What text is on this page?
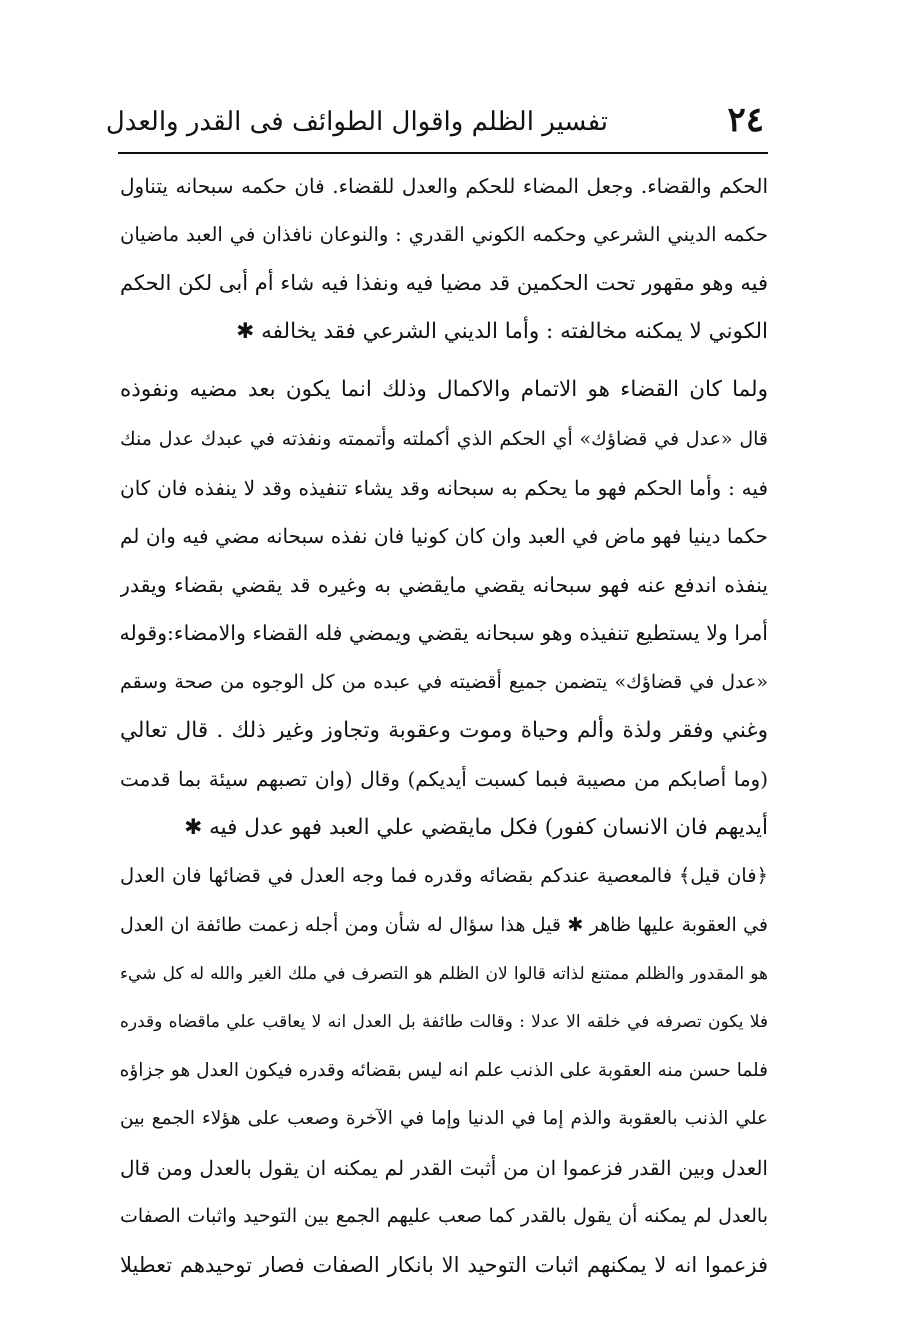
٢٤
تفسير الظلم واقوال الطوائف فى القدر والعدل

الحكم والقضاء. وجعل المضاء للحكم والعدل للقضاء. فان حكمه سبحانه يتناول
حكمه الديني الشرعي وحكمه الكوني القدري : والنوعان نافذان في العبد ماضيان
فيه وهو مقهور تحت الحكمين قد مضيا فيه ونفذا فيه شاء أم أبى لكن الحكم
الكوني لا يمكنه مخالفته : وأما الديني الشرعي فقد يخالفه ✱

ولما كان القضاء هو الاتمام والاكمال وذلك انما يكون بعد مضيه ونفوذه
قال «عدل في قضاؤك» أي الحكم الذي أكملته وأتممته ونفذته في عبدك عدل منك
فيه : وأما الحكم فهو ما يحكم به سبحانه وقد يشاء تنفيذه وقد لا ينفذه فان كان
حكما دينيا فهو ماض في العبد وان كان كونيا فان نفذه سبحانه مضي فيه وان لم
ينفذه اندفع عنه فهو سبحانه يقضي مايقضي به وغيره قد يقضي بقضاء ويقدر
أمرا ولا يستطيع تنفيذه وهو سبحانه يقضي ويمضي فله القضاء والامضاء:وقوله
«عدل في قضاؤك» يتضمن جميع أقضيته في عبده من كل الوجوه من صحة وسقم
وغني وفقر ولذة وألم وحياة وموت وعقوبة وتجاوز وغير ذلك . قال تعالي
(وما أصابكم من مصيبة فبما كسبت أيديكم) وقال (وان تصبهم سيئة بما قدمت
أيديهم فان الانسان كفور) فكل مايقضي علي العبد فهو عدل فيه ✱

﴿فان قيل﴾ فالمعصية عندكم بقضائه وقدره فما وجه العدل في قضائها فان العدل
في العقوبة عليها ظاهر ✱ قيل هذا سؤال له شأن ومن أجله زعمت طائفة ان العدل
هو المقدور والظلم ممتنع لذاته قالوا لان الظلم هو التصرف في ملك الغير والله له كل شيء
فلا يكون تصرفه في خلقه الا عدلا : وقالت طائفة بل العدل انه لا يعاقب علي ماقضاه وقدره
فلما حسن منه العقوبة على الذنب علم انه ليس بقضائه وقدره فيكون العدل هو جزاؤه
علي الذنب بالعقوبة والذم إما في الدنيا وإما في الآخرة وصعب على هؤلاء الجمع بين
العدل وبين القدر فزعموا ان من أثبت القدر لم يمكنه ان يقول بالعدل ومن قال
بالعدل لم يمكنه أن يقول بالقدر كما صعب عليهم الجمع بين التوحيد واثبات الصفات
فزعموا انه لا يمكنهم اثبات التوحيد الا بانكار الصفات فصار توحيدهم تعطيلا
